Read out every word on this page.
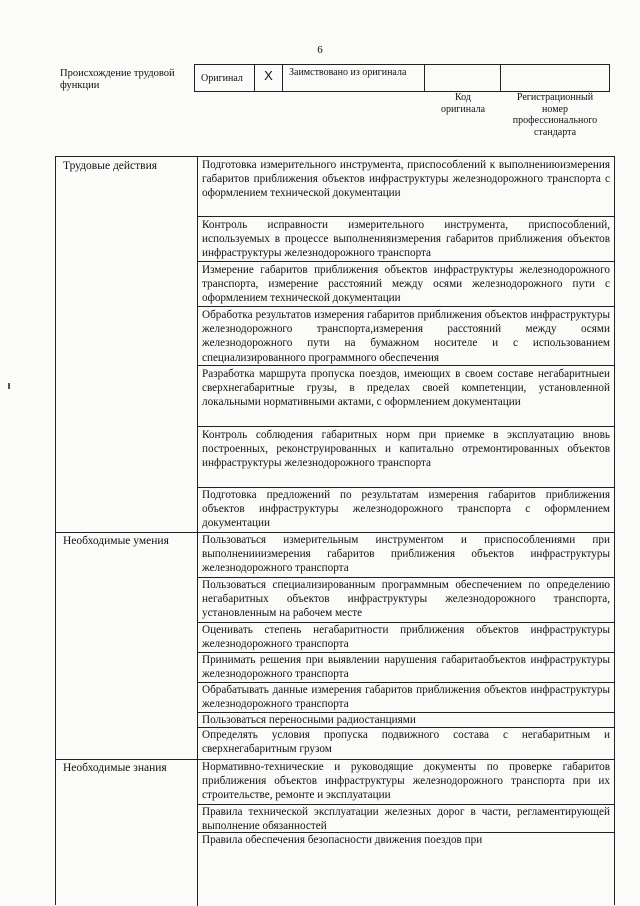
6
Происхождение трудовой функции
Оригинал	X	Заимствовано из оригинала
Код оригинала
Регистрационный номер профессионального стандарта
Трудовые действия
Необходимые умения
Необходимые знания
Подготовка измерительного инструмента, приспособлений к выполнениюизмерения габаритов приближения объектов инфраструктуры железнодорожного транспорта с оформлением технической документации
Контроль исправности измерительного инструмента, приспособлений, используемых в процессе выполненияизмерения габаритов приближения объектов инфраструктуры железнодорожного транспорта
Измерение габаритов приближения объектов инфраструктуры железнодорожного транспорта, измерение расстояний между осями железнодорожного пути с оформлением технической документации
Обработка результатов измерения габаритов приближения объектов инфраструктуры железнодорожного транспорта,измерения расстояний между осями железнодорожного пути на бумажном носителе и с использованием специализированного программного обеспечения
Разработка маршрута пропуска поездов, имеющих в своем составе негабаритныеи сверхнегабаритные грузы, в пределах своей компетенции, установленной локальными нормативными актами, с оформлением документации
Контроль соблюдения габаритных норм при приемке в эксплуатацию вновь построенных, реконструированных и капитально отремонтированных объектов инфраструктуры железнодорожного транспорта
Подготовка предложений по результатам измерения габаритов приближения объектов инфраструктуры железнодорожного транспорта с оформлением документации
Пользоваться измерительным инструментом и приспособлениями при выполненииизмерения габаритов приближения объектов инфраструктуры железнодорожного транспорта
Пользоваться специализированным программным обеспечением по определению негабаритных объектов инфраструктуры железнодорожного транспорта, установленным на рабочем месте
Оценивать степень негабаритности приближения объектов инфраструктуры железнодорожного транспорта
Принимать решения при выявлении нарушения габаритаобъектов инфраструктуры железнодорожного транспорта
Обрабатывать данные измерения габаритов приближения объектов инфраструктуры железнодорожного транспорта
Пользоваться переносными радиостанциями
Определять условия пропуска подвижного состава с негабаритным и сверхнегабаритным грузом
Нормативно-технические и руководящие документы по проверке габаритов приближения объектов инфраструктуры железнодорожного транспорта при их строительстве, ремонте и эксплуатации
Правила технической эксплуатации железных дорог в части, регламентирующей выполнение обязанностей
Правила обеспечения безопасности движения поездов при
